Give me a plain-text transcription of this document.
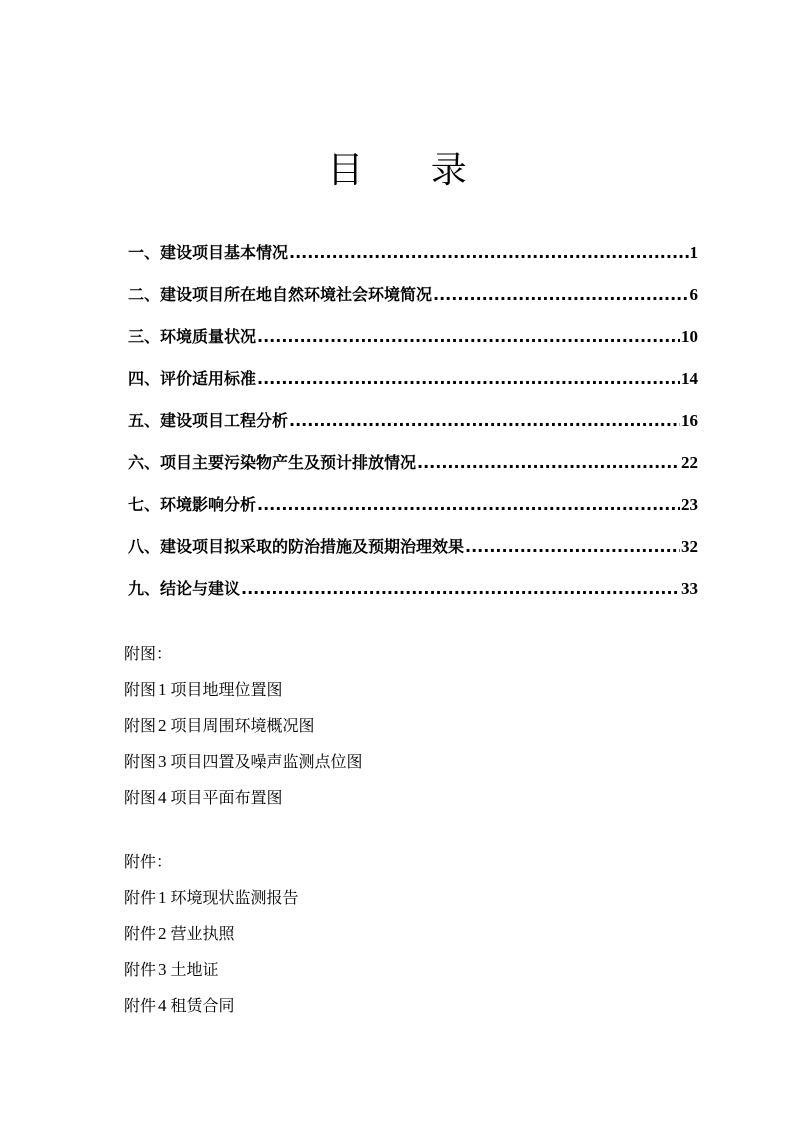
目 录
一、建设项目基本情况 .....	1
二、建设项目所在地自然环境社会环境简况 .....	6
三、环境质量状况 .....	10
四、评价适用标准 .....	14
五、建设项目工程分析 .....	16
六、项目主要污染物产生及预计排放情况 .....	22
七、环境影响分析 .....	23
八、建设项目拟采取的防治措施及预期治理效果 .....	32
九、结论与建议 .....	33
附图：
附图 1 项目地理位置图
附图 2 项目周围环境概况图
附图 3 项目四置及噪声监测点位图
附图 4 项目平面布置图
附件：
附件 1 环境现状监测报告
附件 2 营业执照
附件 3 土地证
附件 4 租赁合同
